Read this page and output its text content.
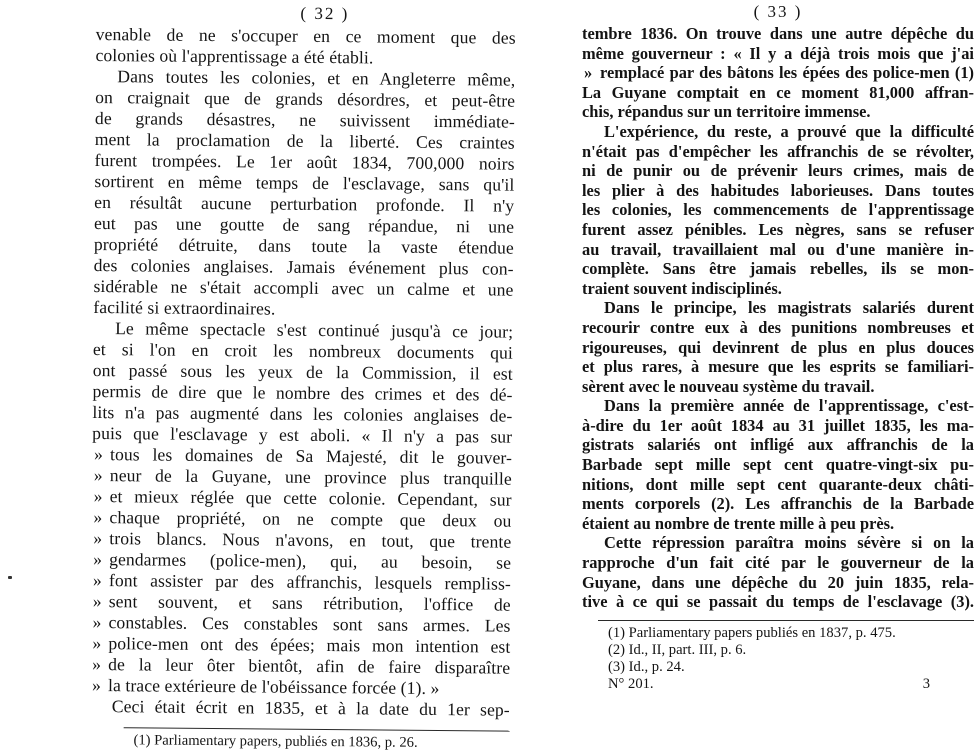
( 32 )
venable de ne s'occuper en ce moment que des
colonies où l'apprentissage a été établi.
Dans toutes les colonies, et en Angleterre même,
on craignait que de grands désordres, et peut-être
de grands désastres, ne suivissent immédiate-
ment la proclamation de la liberté. Ces craintes
furent trompées. Le 1er août 1834, 700,000 noirs
sortirent en même temps de l'esclavage, sans qu'il
en résultât aucune perturbation profonde. Il n'y
eut pas une goutte de sang répandue, ni une
propriété détruite, dans toute la vaste étendue
des colonies anglaises. Jamais événement plus con-
sidérable ne s'était accompli avec un calme et une
facilité si extraordinaires.
Le même spectacle s'est continué jusqu'à ce jour;
et si l'on en croit les nombreux documents qui
ont passé sous les yeux de la Commission, il est
permis de dire que le nombre des crimes et des dé-
lits n'a pas augmenté dans les colonies anglaises de-
puis que l'esclavage y est aboli. « Il n'y a pas sur
» tous les domaines de Sa Majesté, dit le gouver-
» neur de la Guyane, une province plus tranquille
» et mieux réglée que cette colonie. Cependant, sur
» chaque propriété, on ne compte que deux ou
» trois blancs. Nous n'avons, en tout, que trente
» gendarmes (police-men), qui, au besoin, se
» font assister par des affranchis, lesquels rempliss-
» sent souvent, et sans rétribution, l'office de
» constables. Ces constables sont sans armes. Les
» police-men ont des épées; mais mon intention est
» de la leur ôter bientôt, afin de faire disparaître
» la trace extérieure de l'obéissance forcée (1). »
Ceci était écrit en 1835, et à la date du 1er sep-
(1) Parliamentary papers, publiés en 1836, p. 26.
( 33 )
tembre 1836. On trouve dans une autre dépêche du
même gouverneur : « Il y a déjà trois mois que j'ai
» remplacé par des bâtons les épées des police-men (1)
La Guyane comptait en ce moment 81,000 affran-
chis, répandus sur un territoire immense.
L'expérience, du reste, a prouvé que la difficulté
n'était pas d'empêcher les affranchis de se révolter,
ni de punir ou de prévenir leurs crimes, mais de
les plier à des habitudes laborieuses. Dans toutes
les colonies, les commencements de l'apprentissage
furent assez pénibles. Les nègres, sans se refuser
au travail, travaillaient mal ou d'une manière in-
complète. Sans être jamais rebelles, ils se mon-
traient souvent indisciplinés.
Dans le principe, les magistrats salariés durent
recourir contre eux à des punitions nombreuses et
rigoureuses, qui devinrent de plus en plus douces
et plus rares, à mesure que les esprits se familiari-
sèrent avec le nouveau système du travail.
Dans la première année de l'apprentissage, c'est-
à-dire du 1er août 1834 au 31 juillet 1835, les ma-
gistrats salariés ont infligé aux affranchis de la
Barbade sept mille sept cent quatre-vingt-six pu-
nitions, dont mille sept cent quarante-deux châti-
ments corporels (2). Les affranchis de la Barbade
étaient au nombre de trente mille à peu près.
Cette répression paraîtra moins sévère si on la
rapproche d'un fait cité par le gouverneur de la
Guyane, dans une dépêche du 20 juin 1835, rela-
tive à ce qui se passait du temps de l'esclavage (3).
(1) Parliamentary papers publiés en 1837, p. 475.
(2) Id., II, part. III, p. 6.
(3) Id., p. 24.
N° 201.	3
